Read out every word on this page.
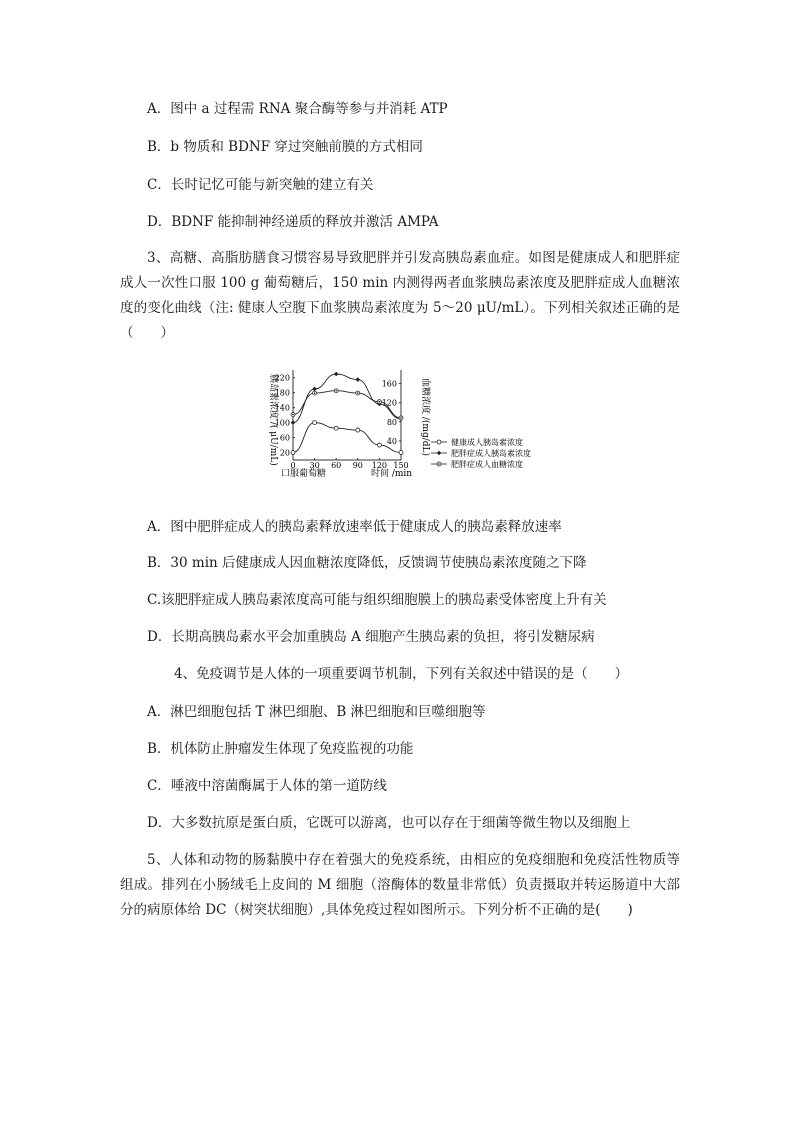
A．图中 a 过程需 RNA 聚合酶等参与并消耗 ATP
B．b 物质和 BDNF 穿过突触前膜的方式相同
C．长时记忆可能与新突触的建立有关
D．BDNF 能抑制神经递质的释放并激活 AMPA
3、高糖、高脂肪膳食习惯容易导致肥胖并引发高胰岛素血症。如图是健康成人和肥胖症成人一次性口服 100 g 葡萄糖后，150 min 内测得两者血浆胰岛素浓度及肥胖症成人血糖浓度的变化曲线（注: 健康人空腹下血浆胰岛素浓度为 5～20 μU/mL）。下列相关叙述正确的是（　　）
胰岛素浓度 /( μU/mL)	血糖浓度 /(mg/dL)
口服葡萄糖	时间 /min
0 30 60 90 120 150
20
60
100
140
180
220
40
80
120
160
健康成人胰岛素浓度
肥胖症成人胰岛素浓度
肥胖症成人血糖浓度
A．图中肥胖症成人的胰岛素释放速率低于健康成人的胰岛素释放速率
B．30 min 后健康成人因血糖浓度降低，反馈调节使胰岛素浓度随之下降
C.该肥胖症成人胰岛素浓度高可能与组织细胞膜上的胰岛素受体密度上升有关
D．长期高胰岛素水平会加重胰岛 A 细胞产生胰岛素的负担，将引发糖尿病
4、免疫调节是人体的一项重要调节机制，下列有关叙述中错误的是（　　）
A．淋巴细胞包括 T 淋巴细胞、B 淋巴细胞和巨噬细胞等
B．机体防止肿瘤发生体现了免疫监视的功能
C．唾液中溶菌酶属于人体的第一道防线
D．大多数抗原是蛋白质，它既可以游离，也可以存在于细菌等微生物以及细胞上
5、人体和动物的肠黏膜中存在着强大的免疫系统，由相应的免疫细胞和免疫活性物质等组成。排列在小肠绒毛上皮间的 M 细胞（溶酶体的数量非常低）负责摄取并转运肠道中大部分的病原体给 DC（树突状细胞）,具体免疫过程如图所示。下列分析不正确的是(　　)
